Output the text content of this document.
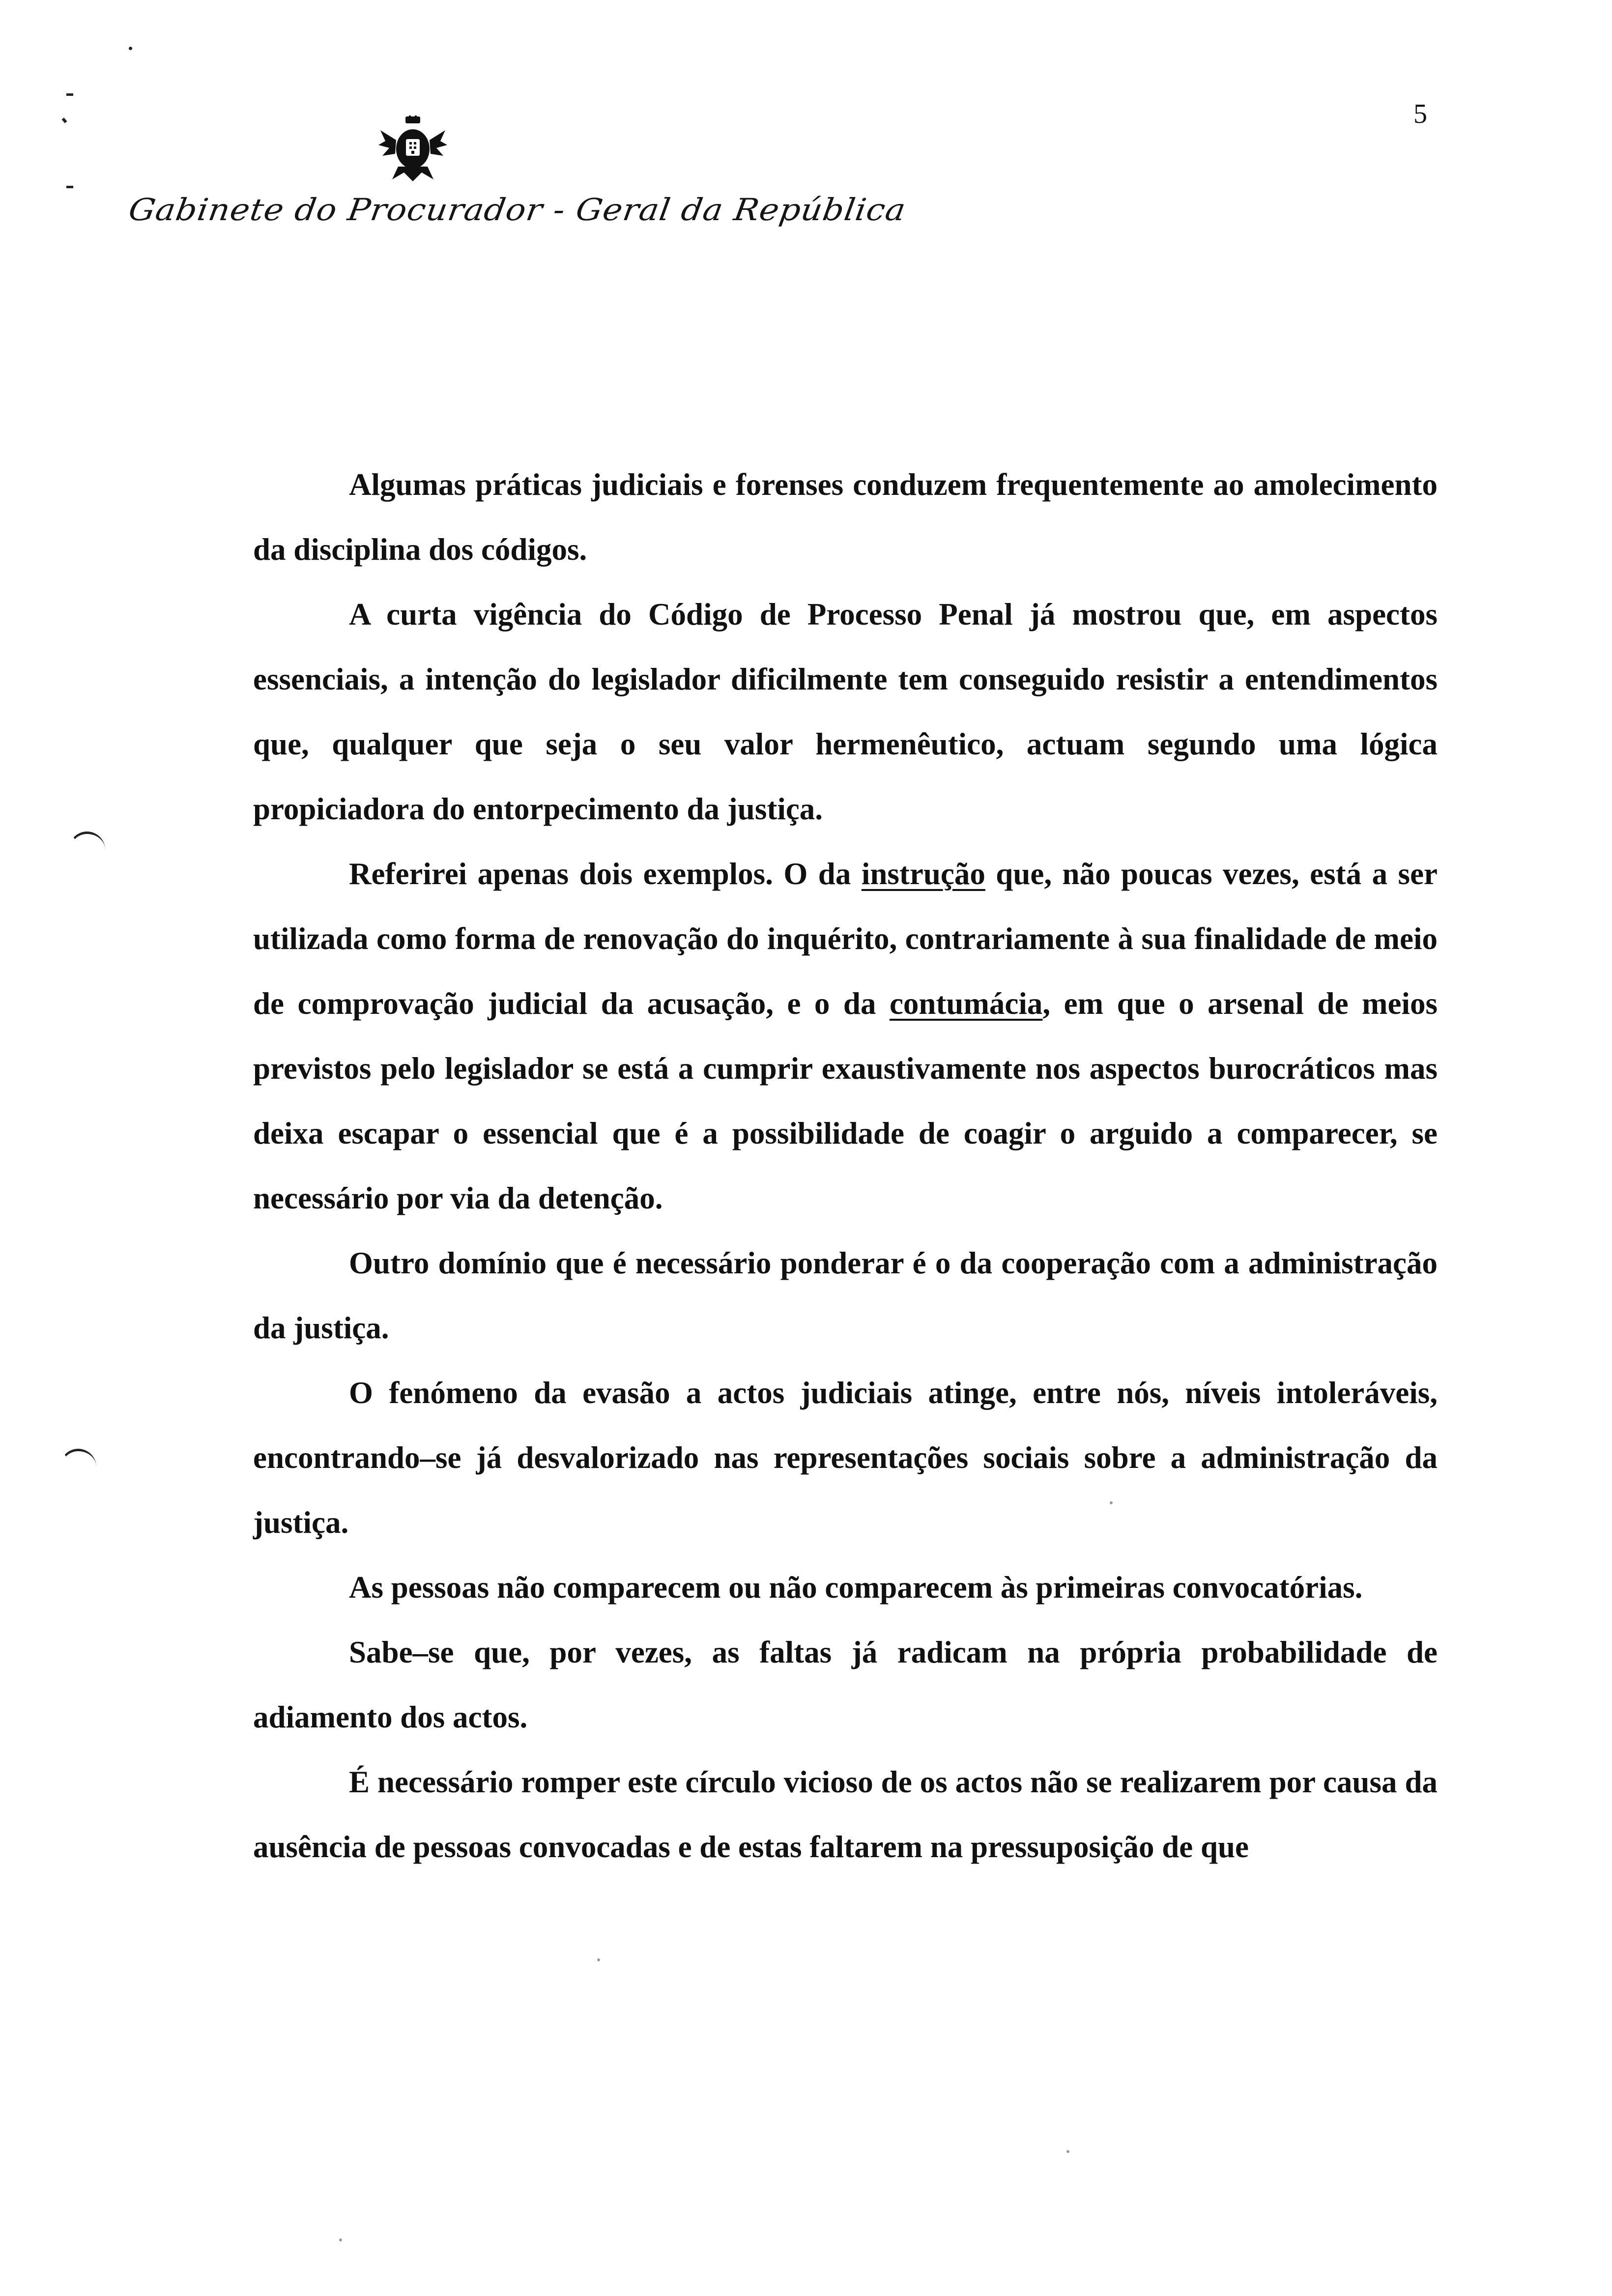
5
Gabinete do Procurador - Geral da República

Algumas práticas judiciais e forenses conduzem frequentemente ao amolecimento da disciplina dos códigos.

A curta vigência do Código de Processo Penal já mostrou que, em aspectos essenciais, a intenção do legislador dificilmente tem conseguido resistir a entendimentos que, qualquer que seja o seu valor hermenêutico, actuam segundo uma lógica propiciadora do entorpecimento da justiça.

Referirei apenas dois exemplos. O da instrução que, não poucas vezes, está a ser utilizada como forma de renovação do inquérito, contrariamente à sua finalidade de meio de comprovação judicial da acusação, e o da contumácia, em que o arsenal de meios previstos pelo legislador se está a cumprir exaustivamente nos aspectos burocráticos mas deixa escapar o essencial que é a possibilidade de coagir o arguido a comparecer, se necessário por via da detenção.

Outro domínio que é necessário ponderar é o da cooperação com a administração da justiça.

O fenómeno da evasão a actos judiciais atinge, entre nós, níveis intoleráveis, encontrando–se já desvalorizado nas representações sociais sobre a administração da justiça.

As pessoas não comparecem ou não comparecem às primeiras convocatórias.

Sabe–se que, por vezes, as faltas já radicam na própria probabilidade de adiamento dos actos.

É necessário romper este círculo vicioso de os actos não se realizarem por causa da ausência de pessoas convocadas e de estas faltarem na pressuposição de que
